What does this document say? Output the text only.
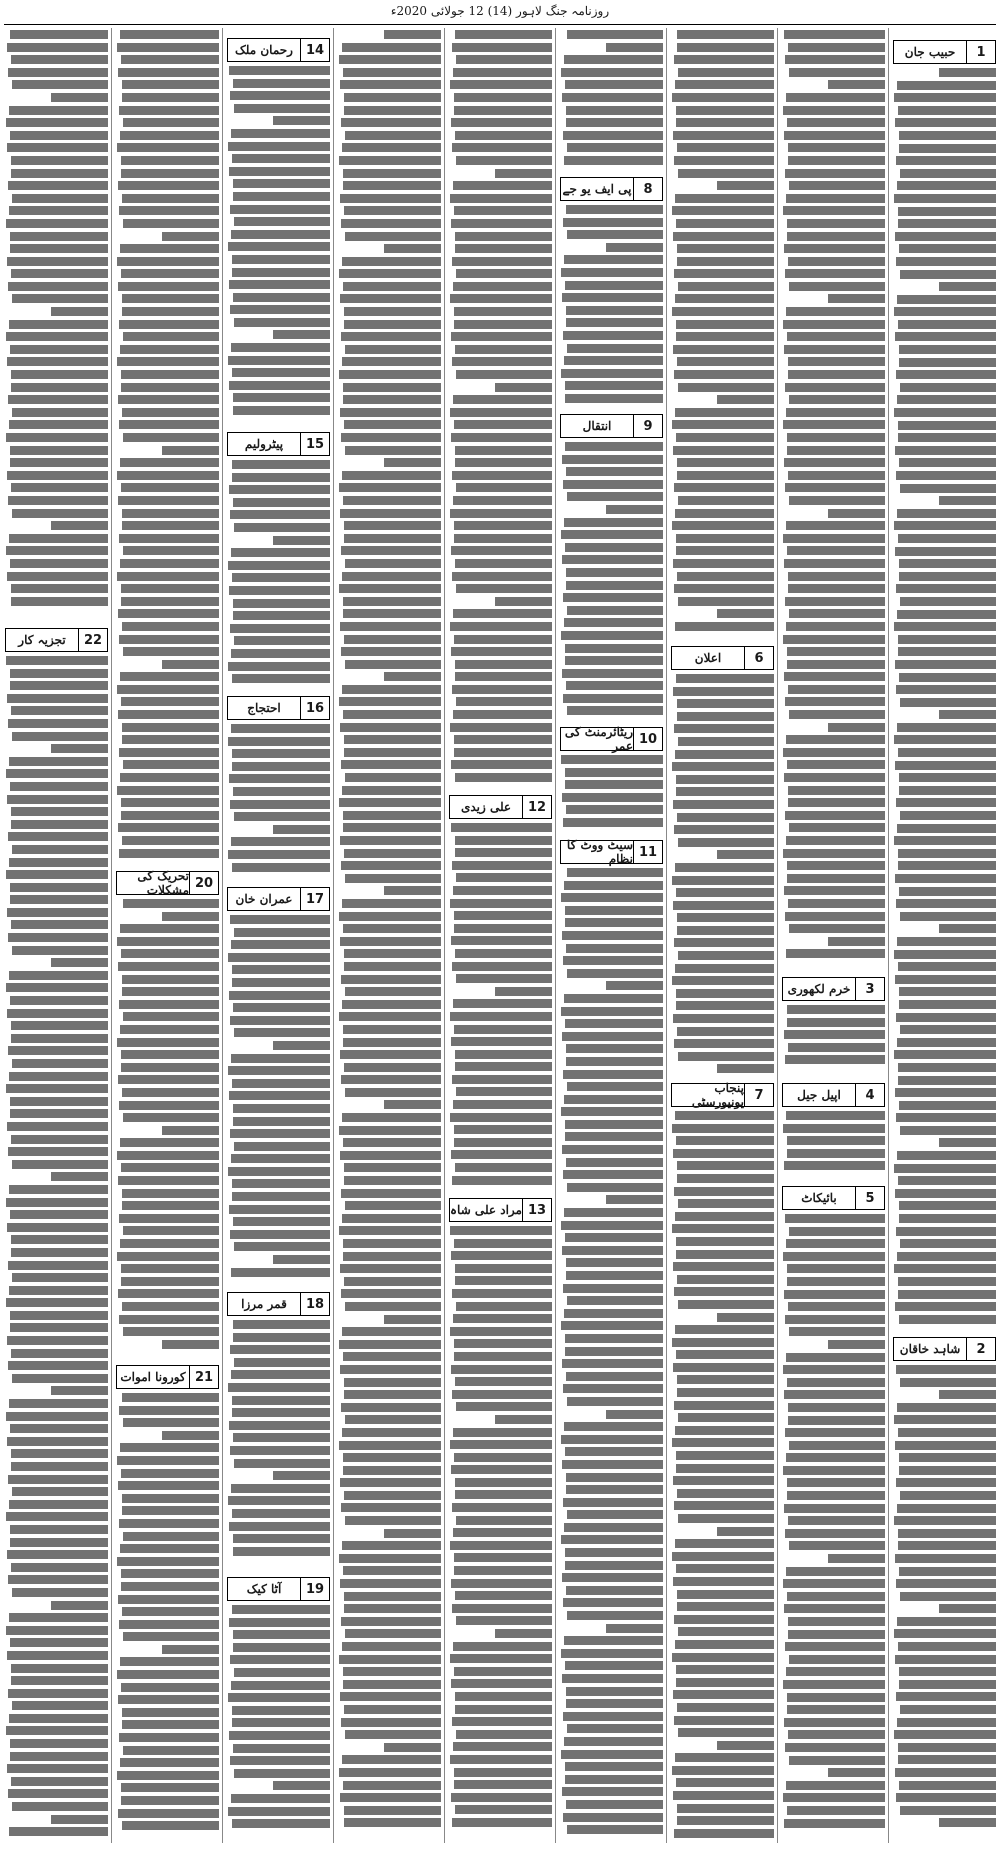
روزنامہ جنگ لاہور (14) 12 جولائی 2020ء
1
حبیب جان
2
شاہد خاقان
3
خرم لکھوری
4
اپیل جیل
5
بائیکاٹ
6
اعلان
7
پنجاب یونیورسٹی
8
پی ایف یو جے
9
انتقال
10
ریٹائرمنٹ کی عمر
11
سیٹ ووٹ کا نظام
12
علی زیدی
13
مراد علی شاہ
14
رحمان ملک
15
پیٹرولیم
16
احتجاج
17
عمران خان
18
قمر مرزا
19
آٹا کیک
20
تحریک کی مشکلات
21
کورونا اموات
22
تجزیہ کار
